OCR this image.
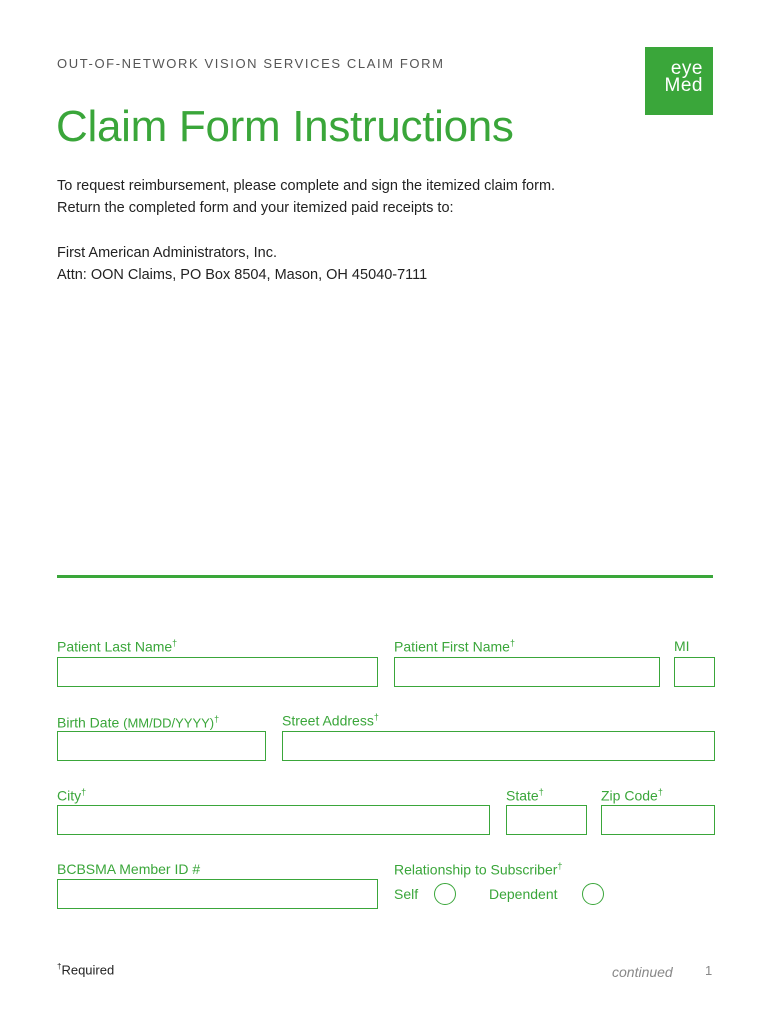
OUT-OF-NETWORK VISION SERVICES CLAIM FORM	eye
Med
Claim Form Instructions
To request reimbursement, please complete and sign the itemized claim form.
Return the completed form and your itemized paid receipts to:
First American Administrators, Inc.
Attn: OON Claims, PO Box 8504, Mason, OH 45040-7111
Patient Last Name†	Patient First Name†	MI
Birth Date (MM/DD/YYYY)†	Street Address†
City†	State†	Zip Code†
BCBSMA Member ID #	Relationship to Subscriber†
Self	Dependent
†Required	continued 1
